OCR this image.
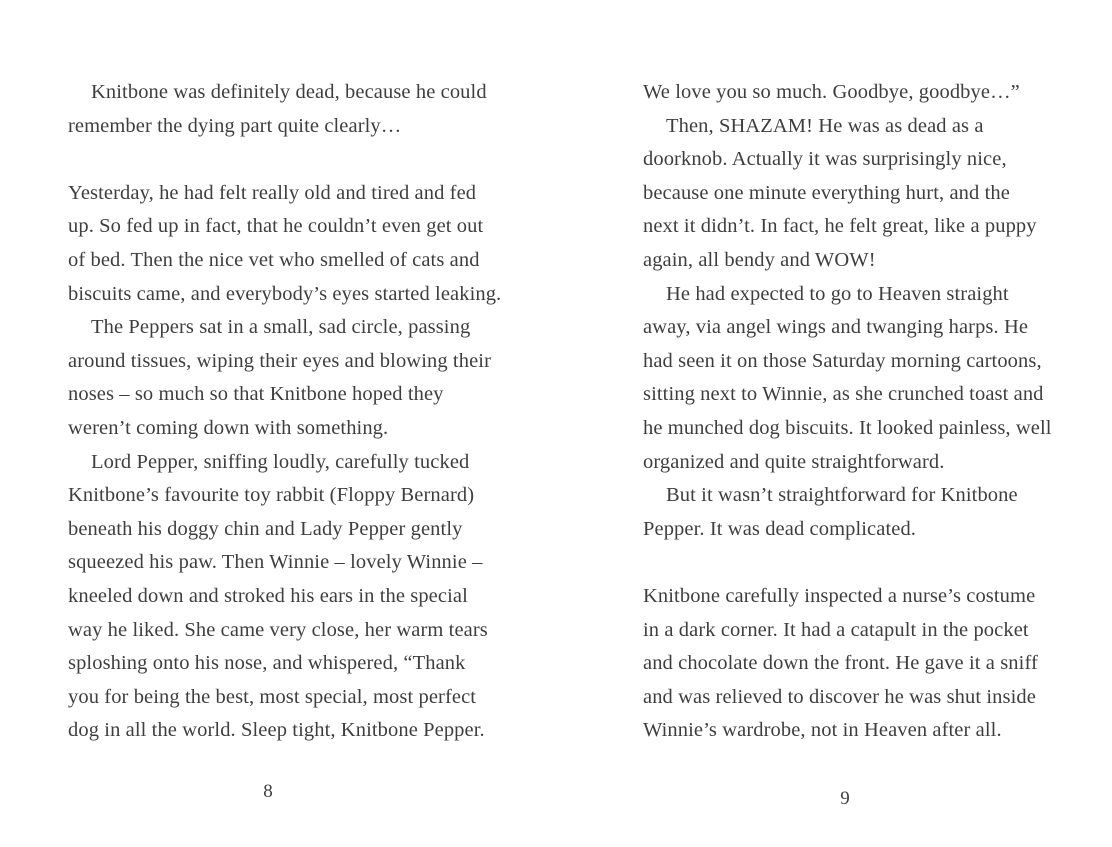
Knitbone was definitely dead, because he could
remember the dying part quite clearly…

Yesterday, he had felt really old and tired and fed
up. So fed up in fact, that he couldn’t even get out
of bed. Then the nice vet who smelled of cats and
biscuits came, and everybody’s eyes started leaking.
The Peppers sat in a small, sad circle, passing
around tissues, wiping their eyes and blowing their
noses – so much so that Knitbone hoped they
weren’t coming down with something.
Lord Pepper, sniffing loudly, carefully tucked
Knitbone’s favourite toy rabbit (Floppy Bernard)
beneath his doggy chin and Lady Pepper gently
squeezed his paw. Then Winnie – lovely Winnie –
kneeled down and stroked his ears in the special
way he liked. She came very close, her warm tears
sploshing onto his nose, and whispered, “Thank
you for being the best, most special, most perfect
dog in all the world. Sleep tight, Knitbone Pepper.
8
We love you so much. Goodbye, goodbye…”
Then, SHAZAM! He was as dead as a
doorknob. Actually it was surprisingly nice,
because one minute everything hurt, and the
next it didn’t. In fact, he felt great, like a puppy
again, all bendy and WOW!
He had expected to go to Heaven straight
away, via angel wings and twanging harps. He
had seen it on those Saturday morning cartoons,
sitting next to Winnie, as she crunched toast and
he munched dog biscuits. It looked painless, well
organized and quite straightforward.
But it wasn’t straightforward for Knitbone
Pepper. It was dead complicated.

Knitbone carefully inspected a nurse’s costume
in a dark corner. It had a catapult in the pocket
and chocolate down the front. He gave it a sniff
and was relieved to discover he was shut inside
Winnie’s wardrobe, not in Heaven after all.
9
